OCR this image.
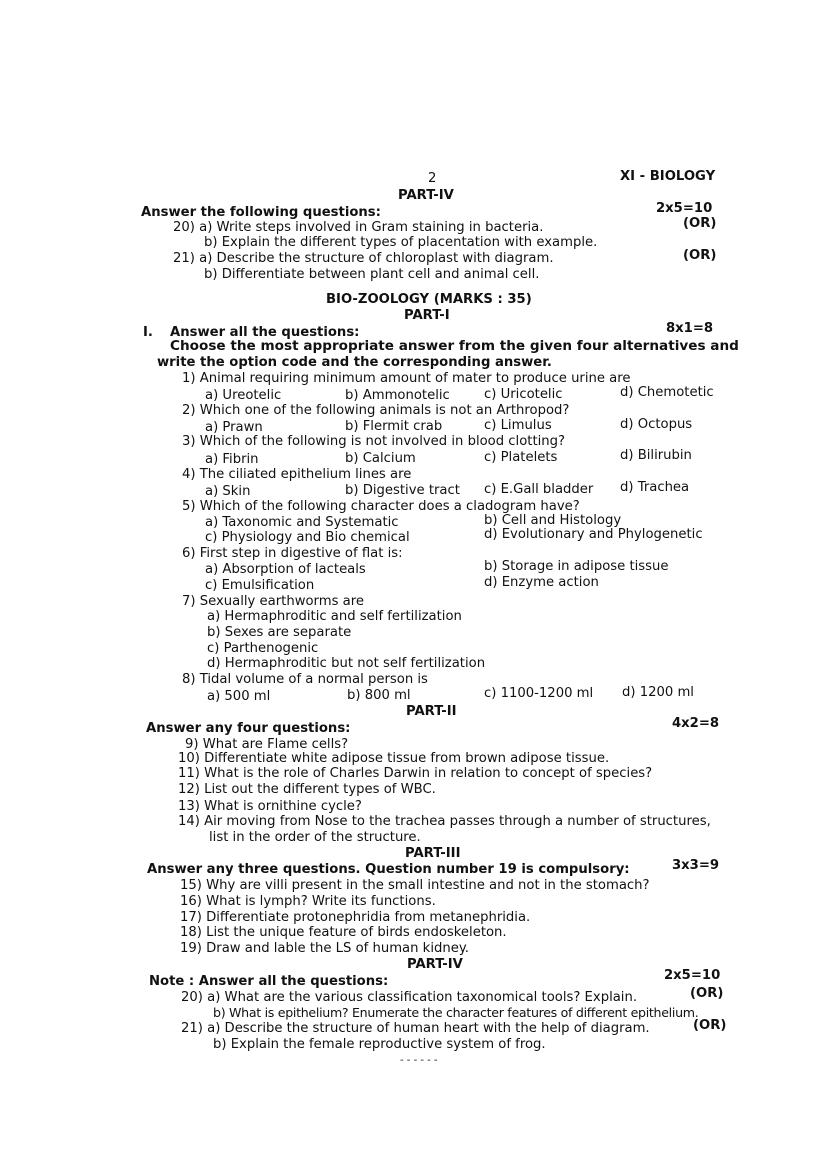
2	XI - BIOLOGY
PART-IV
Answer the following questions:	2x5=10
20) a) Write steps involved in Gram staining in bacteria.	(OR)
b) Explain the different types of placentation with example.
21) a) Describe the structure of chloroplast with diagram.	(OR)
b) Differentiate between plant cell and animal cell.
BIO-ZOOLOGY (MARKS : 35)
PART-I
I. Answer all the questions:	8x1=8
Choose the most appropriate answer from the given four alternatives and
write the option code and the corresponding answer.
1) Animal requiring minimum amount of mater to produce urine are
a) Ureotelic	b) Ammonotelic	c) Uricotelic	d) Chemotetic
2) Which one of the following animals is not an Arthropod?
a) Prawn	b) Flermit crab	c) Limulus	d) Octopus
3) Which of the following is not involved in blood clotting?
a) Fibrin	b) Calcium	c) Platelets	d) Bilirubin
4) The ciliated epithelium lines are
a) Skin	b) Digestive tract c) E.Gall bladder d) Trachea
5) Which of the following character does a cladogram have?
a) Taxonomic and Systematic	b) Cell and Histology
c) Physiology and Bio chemical	d) Evolutionary and Phylogenetic
6) First step in digestive of flat is:
a) Absorption of lacteals	b) Storage in adipose tissue
c) Emulsification	d) Enzyme action
7) Sexually earthworms are
a) Hermaphroditic and self fertilization
b) Sexes are separate
c) Parthenogenic
d) Hermaphroditic but not self fertilization
8) Tidal volume of a normal person is
a) 500 ml	b) 800 ml	c) 1100-1200 ml d) 1200 ml
PART-II
Answer any four questions:	4x2=8
9) What are Flame cells?
10) Differentiate white adipose tissue from brown adipose tissue.
11) What is the role of Charles Darwin in relation to concept of species?
12) List out the different types of WBC.
13) What is ornithine cycle?
14) Air moving from Nose to the trachea passes through a number of structures,
list in the order of the structure.
PART-III
Answer any three questions. Question number 19 is compulsory:	3x3=9
15) Why are villi present in the small intestine and not in the stomach?
16) What is lymph? Write its functions.
17) Differentiate protonephridia from metanephridia.
18) List the unique feature of birds endoskeleton.
19) Draw and lable the LS of human kidney.
PART-IV
Note : Answer all the questions:	2x5=10
20) a) What are the various classification taxonomical tools? Explain.	(OR)
b) What is epithelium? Enumerate the character features of different epithelium.
21) a) Describe the structure of human heart with the help of diagram.	(OR)
b) Explain the female reproductive system of frog.
- - - - - -
